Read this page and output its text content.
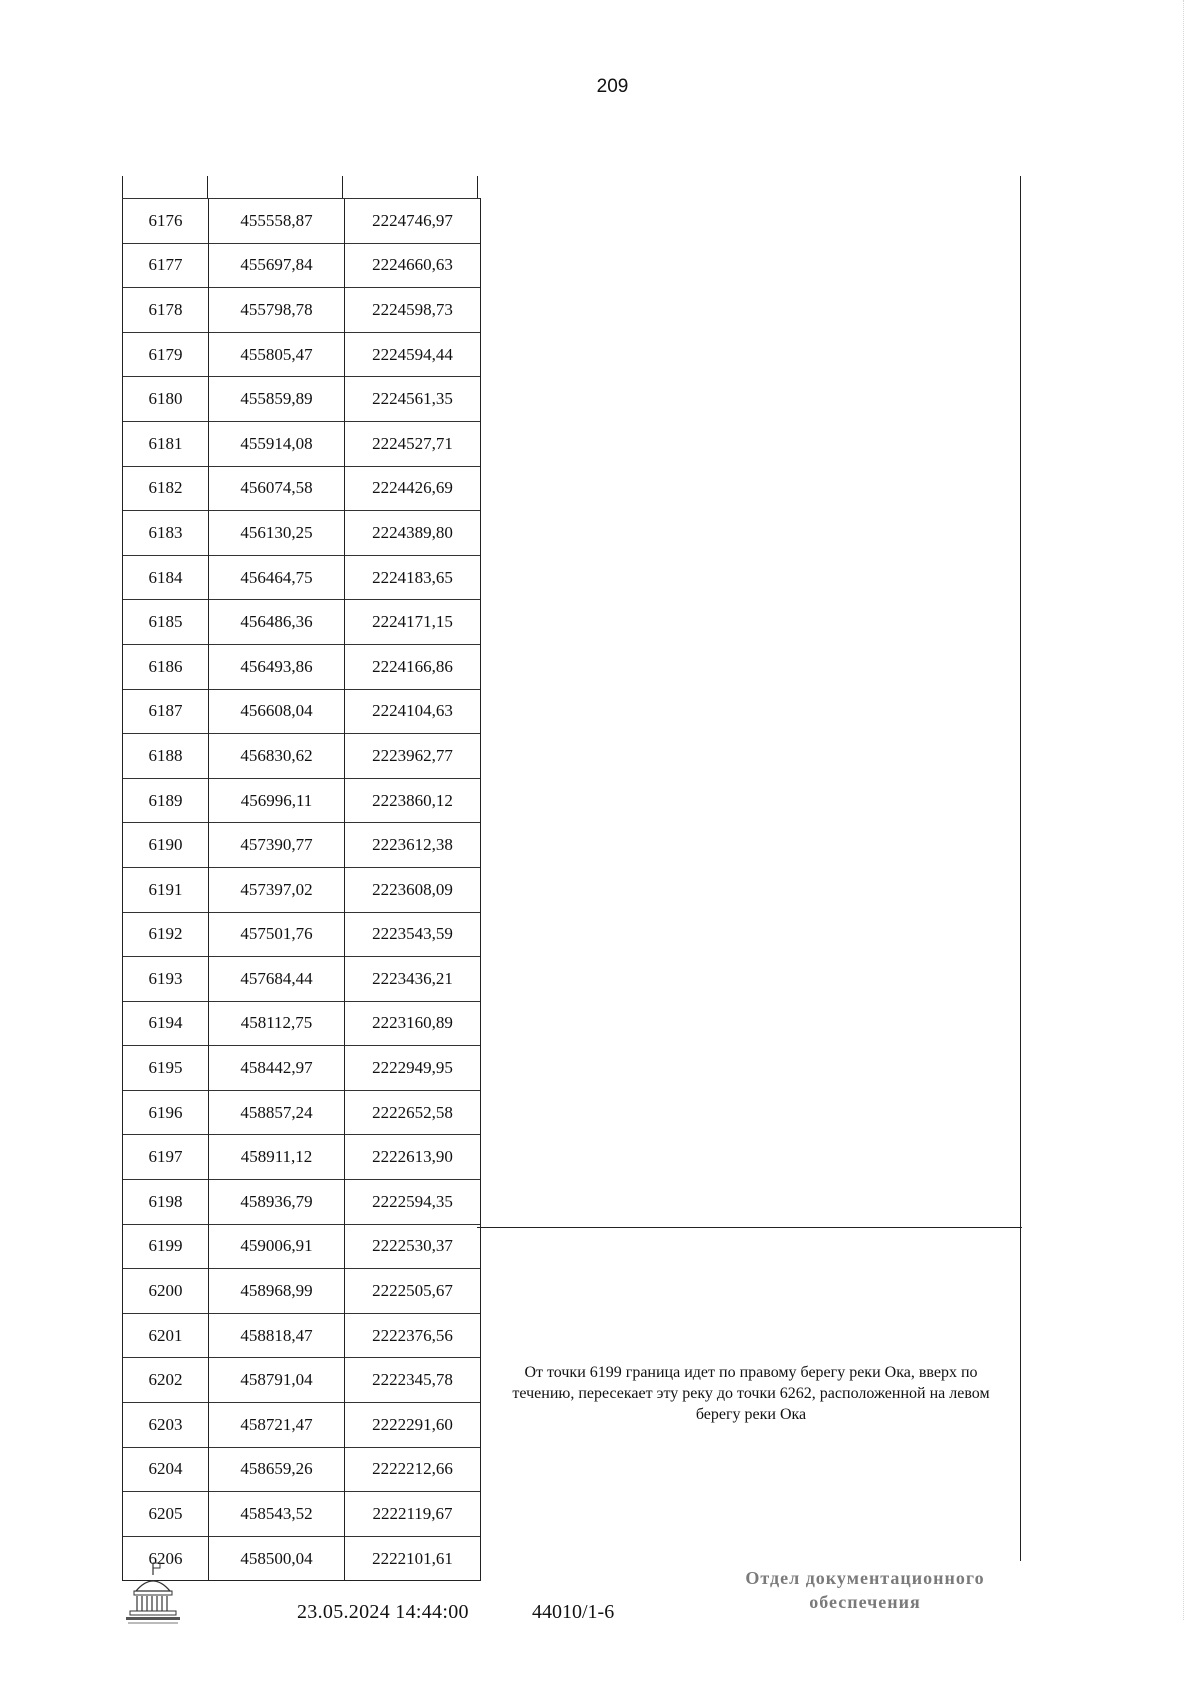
209
6176	455558,87	2224746,97
6177	455697,84	2224660,63
6178	455798,78	2224598,73
6179	455805,47	2224594,44
6180	455859,89	2224561,35
6181	455914,08	2224527,71
6182	456074,58	2224426,69
6183	456130,25	2224389,80
6184	456464,75	2224183,65
6185	456486,36	2224171,15
6186	456493,86	2224166,86
6187	456608,04	2224104,63
6188	456830,62	2223962,77
6189	456996,11	2223860,12
6190	457390,77	2223612,38
6191	457397,02	2223608,09
6192	457501,76	2223543,59
6193	457684,44	2223436,21
6194	458112,75	2223160,89
6195	458442,97	2222949,95
6196	458857,24	2222652,58
6197	458911,12	2222613,90
6198	458936,79	2222594,35
6199	459006,91	2222530,37
6200	458968,99	2222505,67
6201	458818,47	2222376,56
6202	458791,04	2222345,78
6203	458721,47	2222291,60
6204	458659,26	2222212,66
6205	458543,52	2222119,67
6206	458500,04	2222101,61
От точки 6199 граница идет по правому берегу реки Ока, вверх по течению, пересекает эту реку до точки 6262, расположенной на левом берегу реки Ока
23.05.2024 14:44:00	44010/1-6
Отдел документационного
обеспечения
